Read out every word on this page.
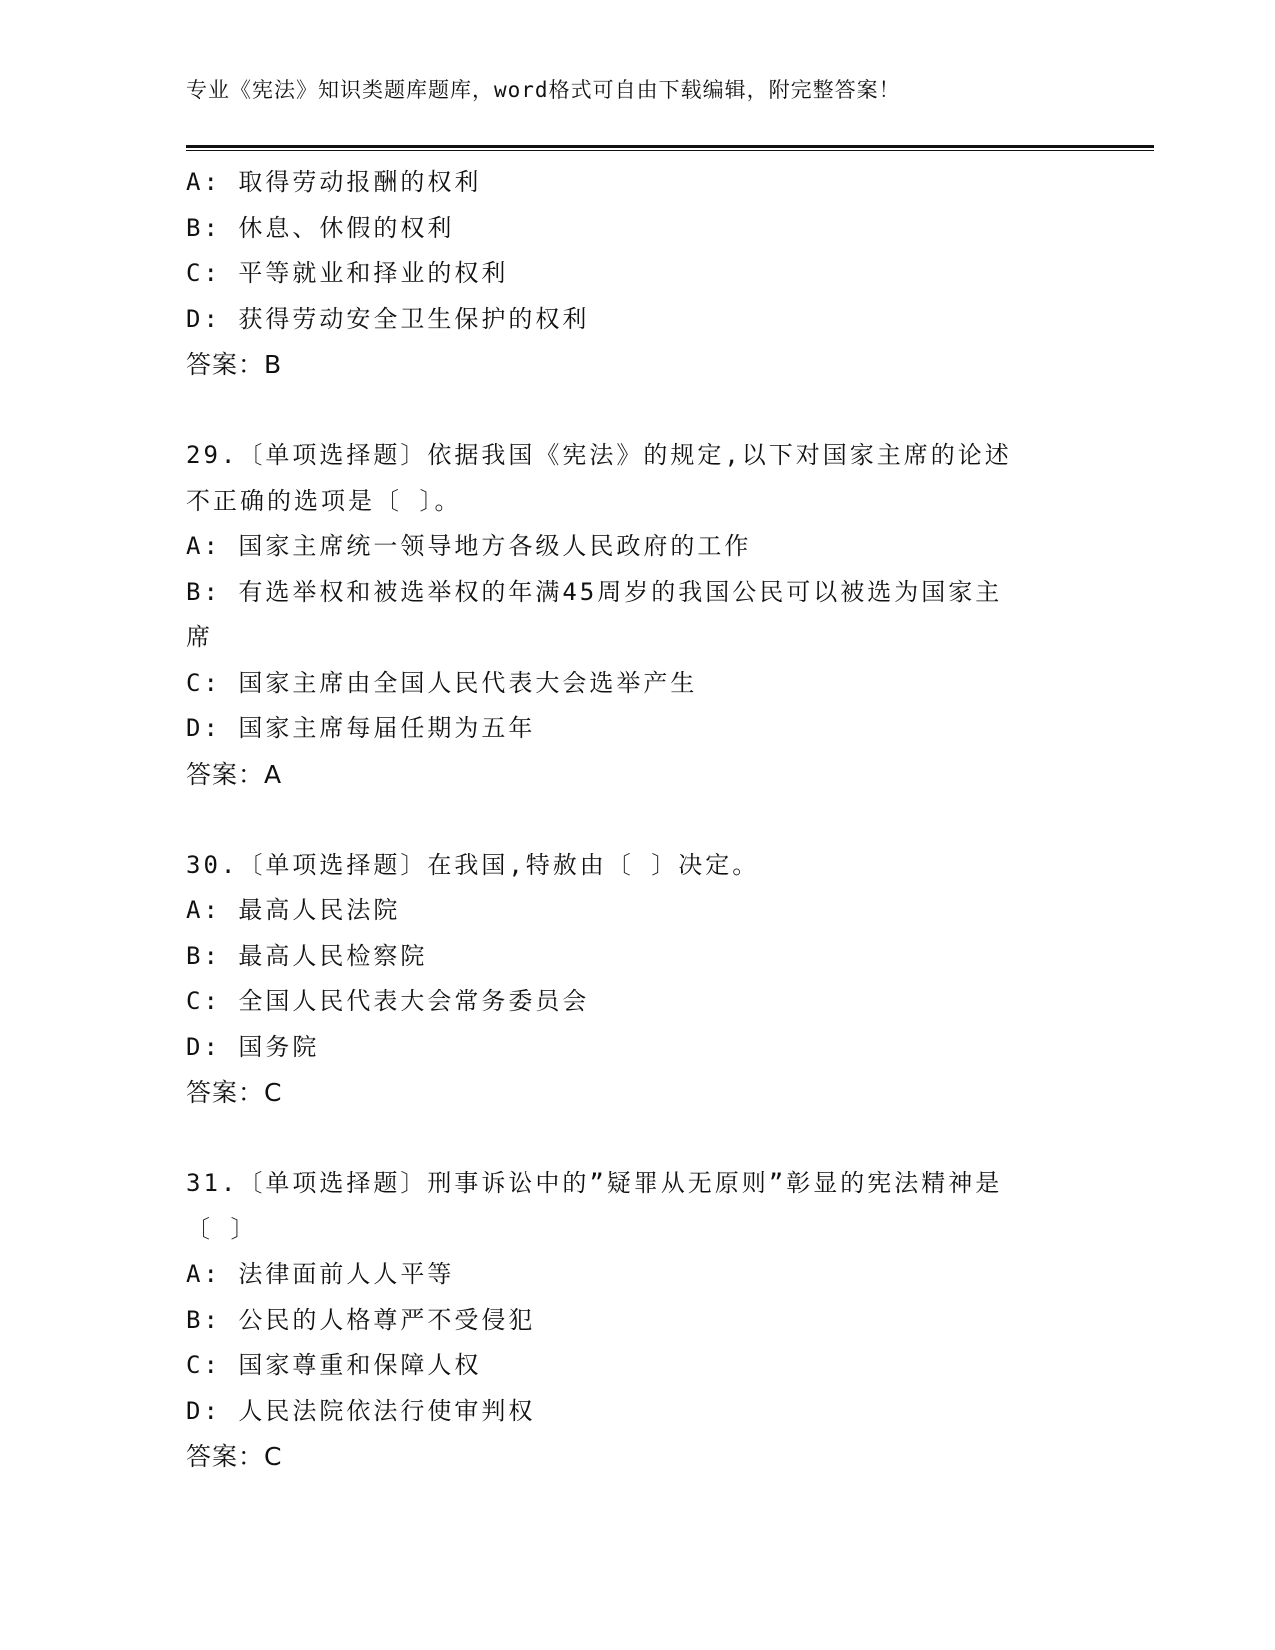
专业《宪法》知识类题库题库，word格式可自由下载编辑，附完整答案！
A: 取得劳动报酬的权利
B: 休息、休假的权利
C: 平等就业和择业的权利
D: 获得劳动安全卫生保护的权利
答案：B
29.〔单项选择题〕依据我国《宪法》的规定,以下对国家主席的论述
不正确的选项是〔 〕。
A: 国家主席统一领导地方各级人民政府的工作
B: 有选举权和被选举权的年满45周岁的我国公民可以被选为国家主
席
C: 国家主席由全国人民代表大会选举产生
D: 国家主席每届任期为五年
答案：A
30.〔单项选择题〕在我国,特赦由〔 〕决定。
A: 最高人民法院
B: 最高人民检察院
C: 全国人民代表大会常务委员会
D: 国务院
答案：C
31.〔单项选择题〕刑事诉讼中的”疑罪从无原则”彰显的宪法精神是
〔 〕
A: 法律面前人人平等
B: 公民的人格尊严不受侵犯
C: 国家尊重和保障人权
D: 人民法院依法行使审判权
答案：C
